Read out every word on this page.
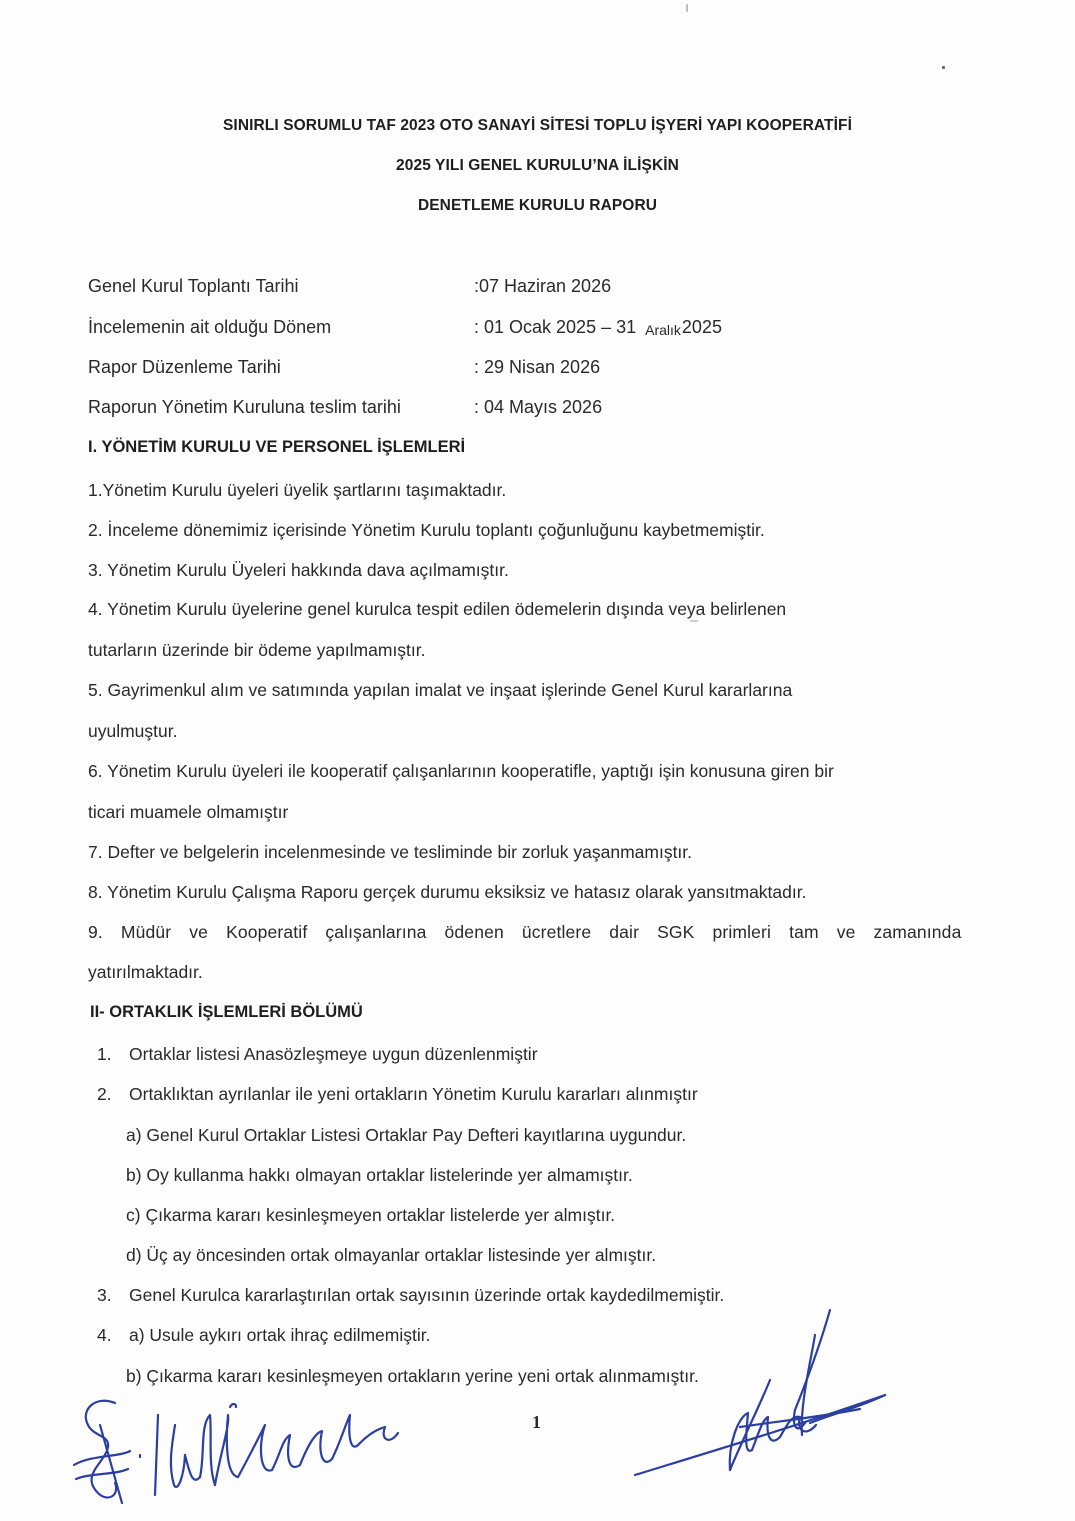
SINIRLI SORUMLU TAF 2023 OTO SANAYİ SİTESİ TOPLU İŞYERİ YAPI KOOPERATİFİ
2025 YILI GENEL KURULU’NA İLİŞKİN
DENETLEME KURULU RAPORU
Genel Kurul Toplantı Tarihi	:07 Haziran 2026
İncelemenin ait olduğu Dönem	: 01 Ocak 2025 – 31 Aralık2025
Rapor Düzenleme Tarihi	: 29 Nisan 2026
Raporun Yönetim Kuruluna teslim tarihi	: 04 Mayıs 2026
I. YÖNETİM KURULU VE PERSONEL İŞLEMLERİ
1.Yönetim Kurulu üyeleri üyelik şartlarını taşımaktadır.
2. İnceleme dönemimiz içerisinde Yönetim Kurulu toplantı çoğunluğunu kaybetmemiştir.
3. Yönetim Kurulu Üyeleri hakkında dava açılmamıştır.
4. Yönetim Kurulu üyelerine genel kurulca tespit edilen ödemelerin dışında veya belirlenen
tutarların üzerinde bir ödeme yapılmamıştır.
5. Gayrimenkul alım ve satımında yapılan imalat ve inşaat işlerinde Genel Kurul kararlarına
uyulmuştur.
6. Yönetim Kurulu üyeleri ile kooperatif çalışanlarının kooperatifle, yaptığı işin konusuna giren bir
ticari muamele olmamıştır
7. Defter ve belgelerin incelenmesinde ve tesliminde bir zorluk yaşanmamıştır.
8. Yönetim Kurulu Çalışma Raporu gerçek durumu eksiksiz ve hatasız olarak yansıtmaktadır.
9. Müdür ve Kooperatif çalışanlarına ödenen ücretlere dair SGK primleri tam ve zamanında
yatırılmaktadır.
II- ORTAKLIK İŞLEMLERİ BÖLÜMÜ
1. Ortaklar listesi Anasözleşmeye uygun düzenlenmiştir
2. Ortaklıktan ayrılanlar ile yeni ortakların Yönetim Kurulu kararları alınmıştır
a) Genel Kurul Ortaklar Listesi Ortaklar Pay Defteri kayıtlarına uygundur.
b) Oy kullanma hakkı olmayan ortaklar listelerinde yer almamıştır.
c) Çıkarma kararı kesinleşmeyen ortaklar listelerde yer almıştır.
d) Üç ay öncesinden ortak olmayanlar ortaklar listesinde yer almıştır.
3. Genel Kurulca kararlaştırılan ortak sayısının üzerinde ortak kaydedilmemiştir.
4. a) Usule aykırı ortak ihraç edilmemiştir.
b) Çıkarma kararı kesinleşmeyen ortakların yerine yeni ortak alınmamıştır.
1
